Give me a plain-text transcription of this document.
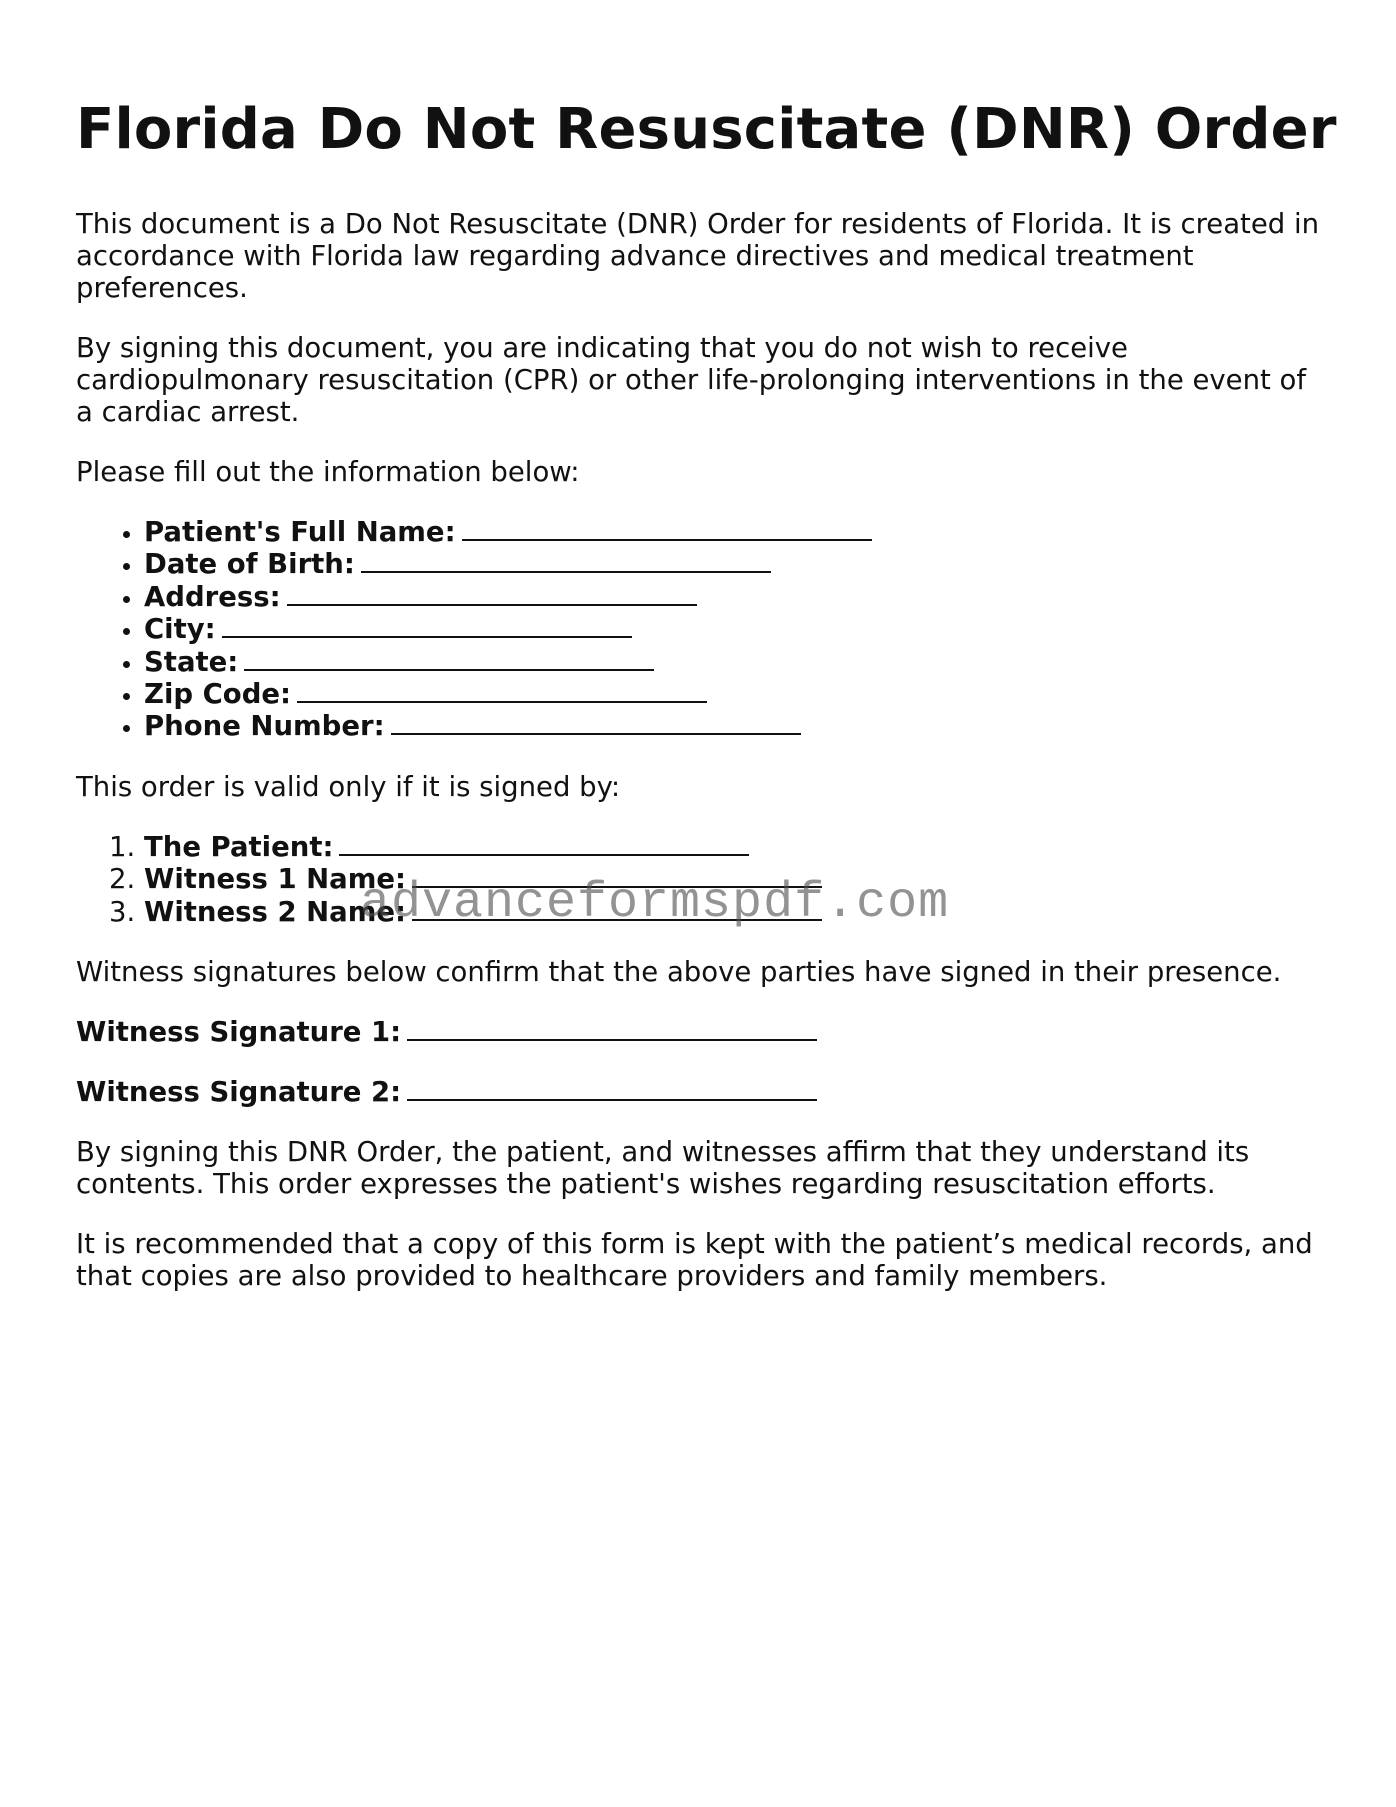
Florida Do Not Resuscitate (DNR) Order

This document is a Do Not Resuscitate (DNR) Order for residents of Florida. It is created in accordance with Florida law regarding advance directives and medical treatment preferences.

By signing this document, you are indicating that you do not wish to receive cardiopulmonary resuscitation (CPR) or other life-prolonging interventions in the event of a cardiac arrest.

Please fill out the information below:

• Patient's Full Name:
• Date of Birth:
• Address:
• City:
• State:
• Zip Code:
• Phone Number:

This order is valid only if it is signed by:

1. The Patient:
2. Witness 1 Name:
3. Witness 2 Name:

Witness signatures below confirm that the above parties have signed in their presence.

Witness Signature 1:
Witness Signature 2:

By signing this DNR Order, the patient, and witnesses affirm that they understand its contents. This order expresses the patient's wishes regarding resuscitation efforts.

It is recommended that a copy of this form is kept with the patient’s medical records, and that copies are also provided to healthcare providers and family members.

advanceformspdf.com
